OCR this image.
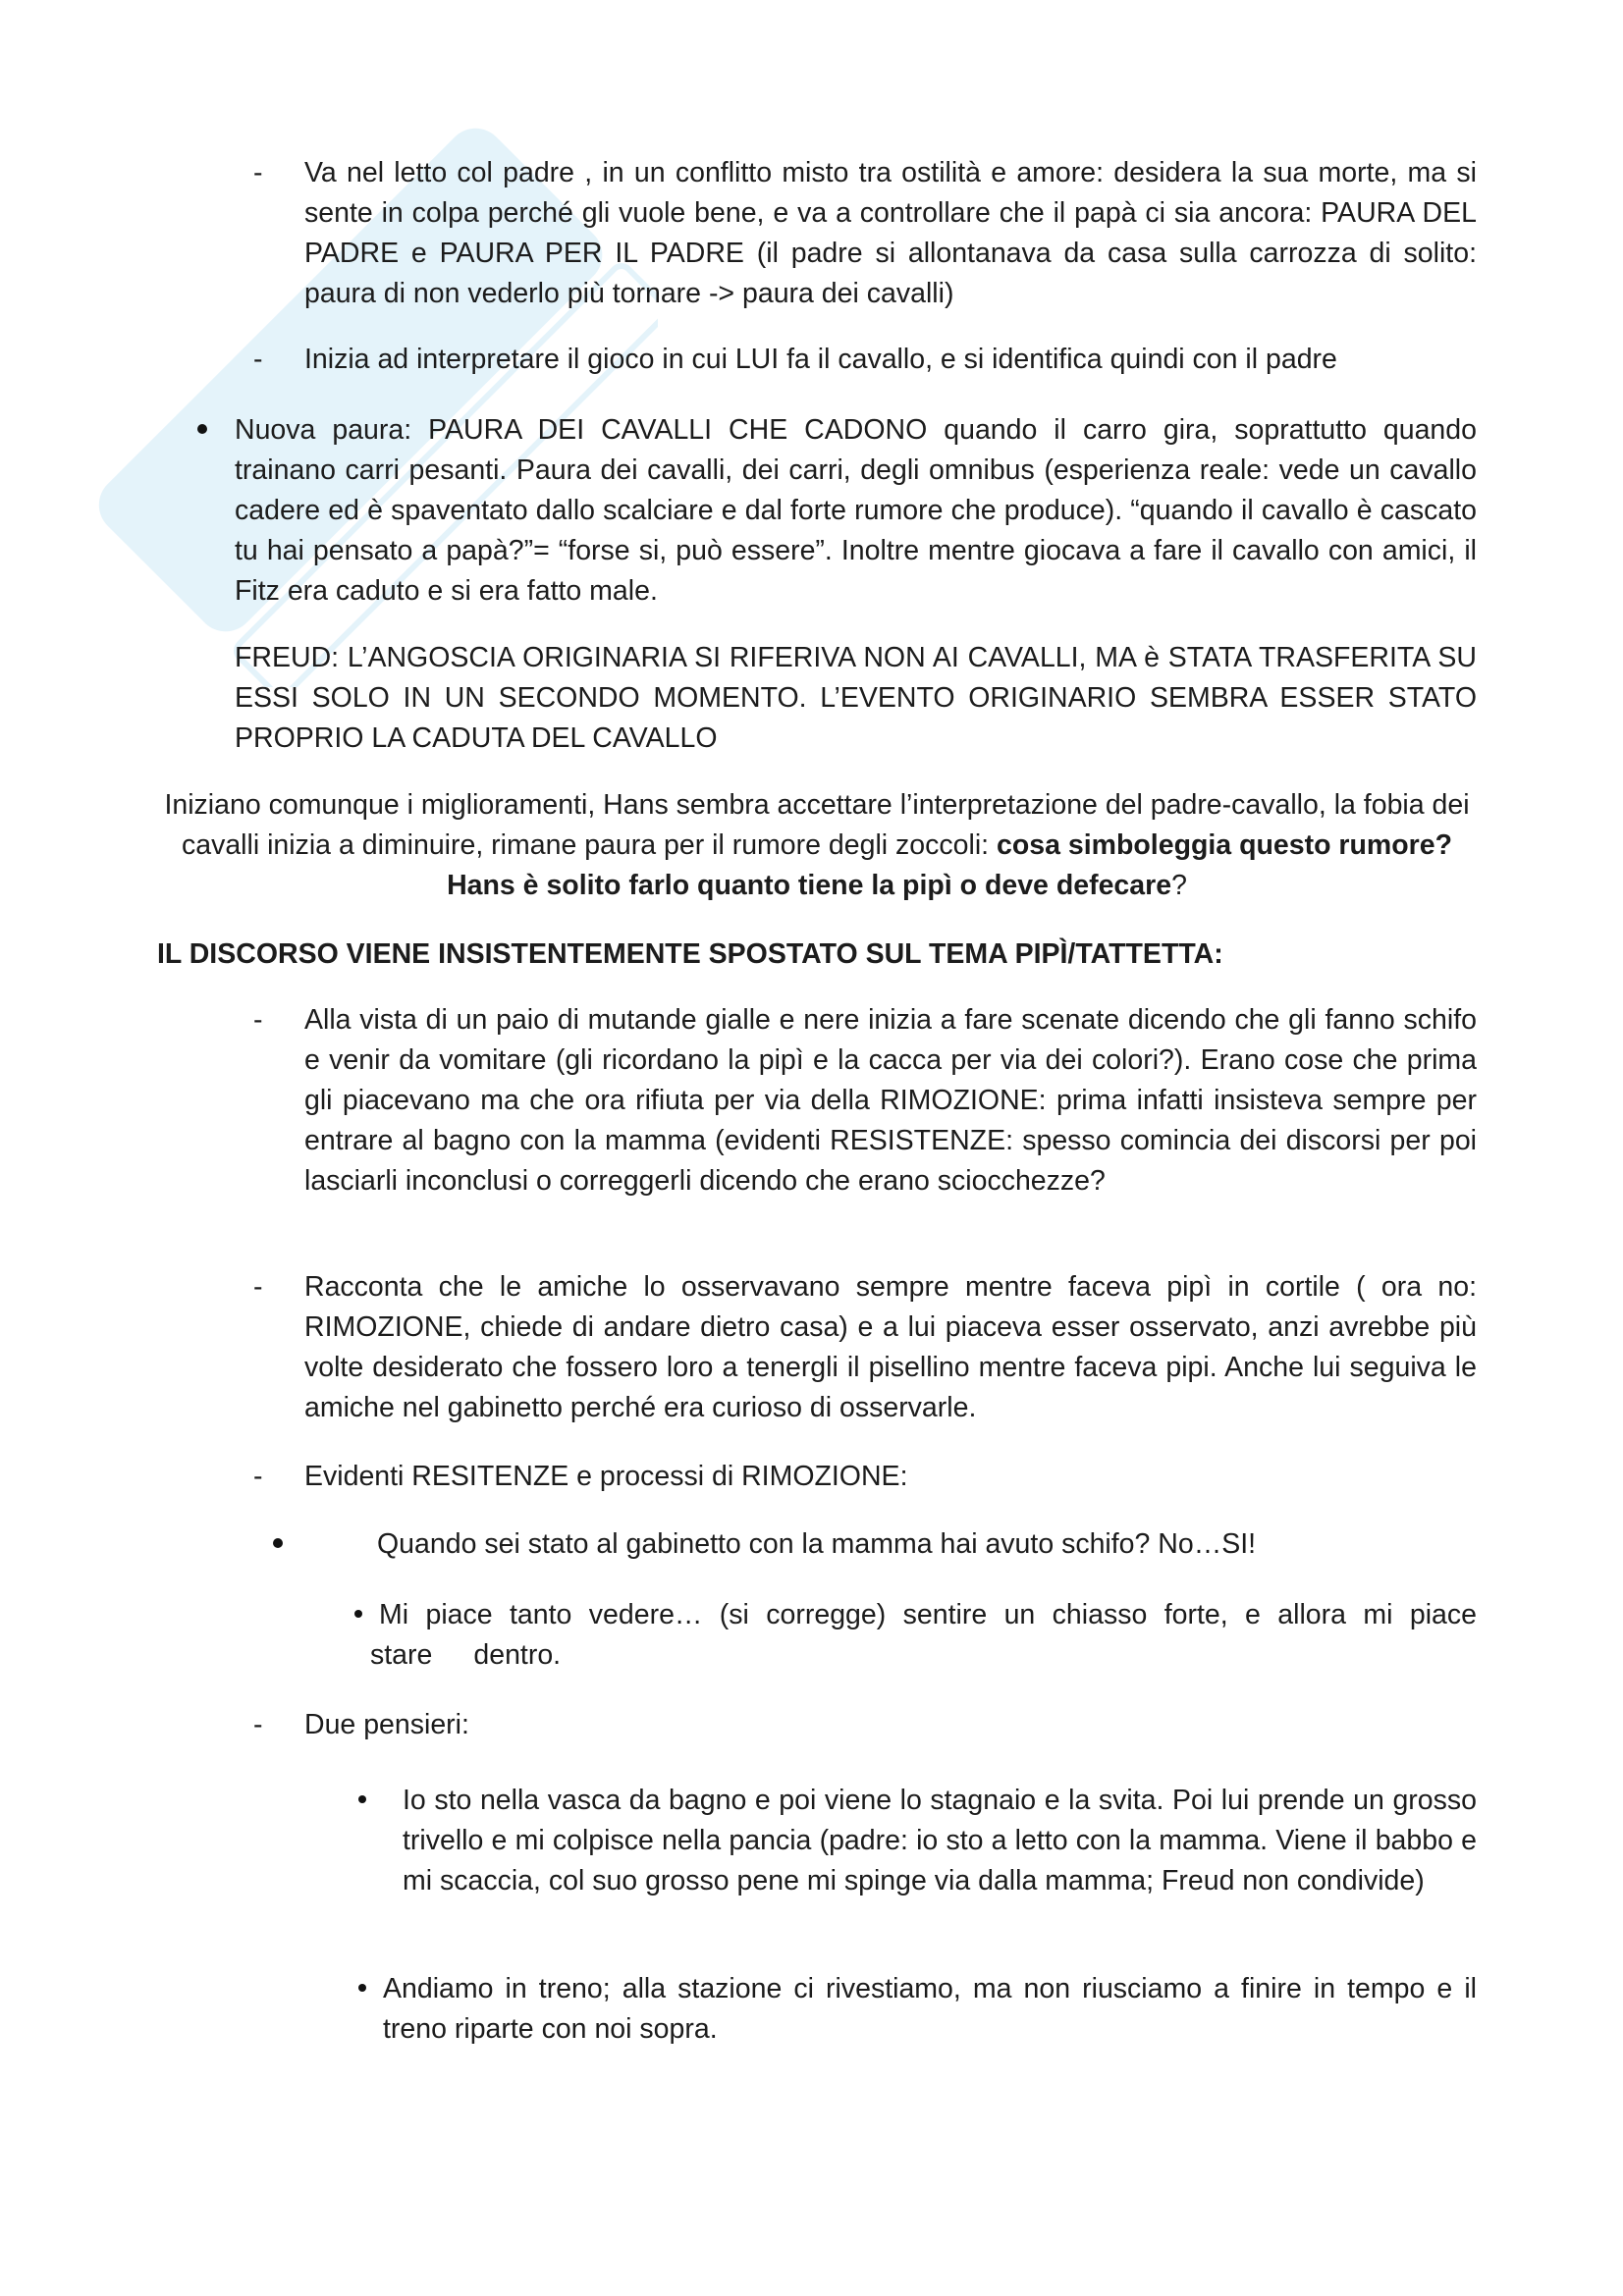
- Va nel letto col padre , in un conflitto misto tra ostilità e amore: desidera la sua morte, ma si sente in colpa perché gli vuole bene, e va a controllare che il papà ci sia ancora: PAURA DEL PADRE e PAURA PER IL PADRE (il padre si allontanava da casa sulla carrozza di solito: paura di non vederlo più tornare -> paura dei cavalli)
- Inizia ad interpretare il gioco in cui LUI fa il cavallo, e si identifica quindi con il padre
Nuova paura: PAURA DEI CAVALLI CHE CADONO quando il carro gira, soprattutto quando trainano carri pesanti. Paura dei cavalli, dei carri, degli omnibus (esperienza reale: vede un cavallo cadere ed è spaventato dallo scalciare e dal forte rumore che produce). “quando il cavallo è cascato tu hai pensato a papà?”= “forse si, può essere”. Inoltre mentre giocava a fare il cavallo con amici, il Fitz era caduto e si era fatto male.
FREUD: L’ANGOSCIA ORIGINARIA SI RIFERIVA NON AI CAVALLI, MA è STATA TRASFERITA SU ESSI SOLO IN UN SECONDO MOMENTO. L’EVENTO ORIGINARIO SEMBRA ESSER STATO PROPRIO LA CADUTA DEL CAVALLO
Iniziano comunque i miglioramenti, Hans sembra accettare l’interpretazione del padre-cavallo, la fobia dei cavalli inizia a diminuire, rimane paura per il rumore degli zoccoli: cosa simboleggia questo rumore? Hans è solito farlo quanto tiene la pipì o deve defecare?
IL DISCORSO VIENE INSISTENTEMENTE SPOSTATO SUL TEMA PIPÌ/TATTETTA:
- Alla vista di un paio di mutande gialle e nere inizia a fare scenate dicendo che gli fanno schifo e venir da vomitare (gli ricordano la pipì e la cacca per via dei colori?). Erano cose che prima gli piacevano ma che ora rifiuta per via della RIMOZIONE: prima infatti insisteva sempre per entrare al bagno con la mamma (evidenti RESISTENZE: spesso comincia dei discorsi per poi lasciarli inconclusi o correggerli dicendo che erano sciocchezze?
- Racconta che le amiche lo osservavano sempre mentre faceva pipì in cortile ( ora no: RIMOZIONE, chiede di andare dietro casa) e a lui piaceva esser osservato, anzi avrebbe più volte desiderato che fossero loro a tenergli il pisellino mentre faceva pipi. Anche lui seguiva le amiche nel gabinetto perché era curioso di osservarle.
- Evidenti RESITENZE e processi di RIMOZIONE:
Quando sei stato al gabinetto con la mamma hai avuto schifo? No…SI!
Mi piace tanto vedere… (si corregge) sentire un chiasso forte, e allora mi piace
stare dentro.
- Due pensieri:
Io sto nella vasca da bagno e poi viene lo stagnaio e la svita. Poi lui prende un grosso trivello e mi colpisce nella pancia (padre: io sto a letto con la mamma. Viene il babbo e mi scaccia, col suo grosso pene mi spinge via dalla mamma; Freud non condivide)
Andiamo in treno; alla stazione ci rivestiamo, ma non riusciamo a finire in tempo e il treno riparte con noi sopra.
